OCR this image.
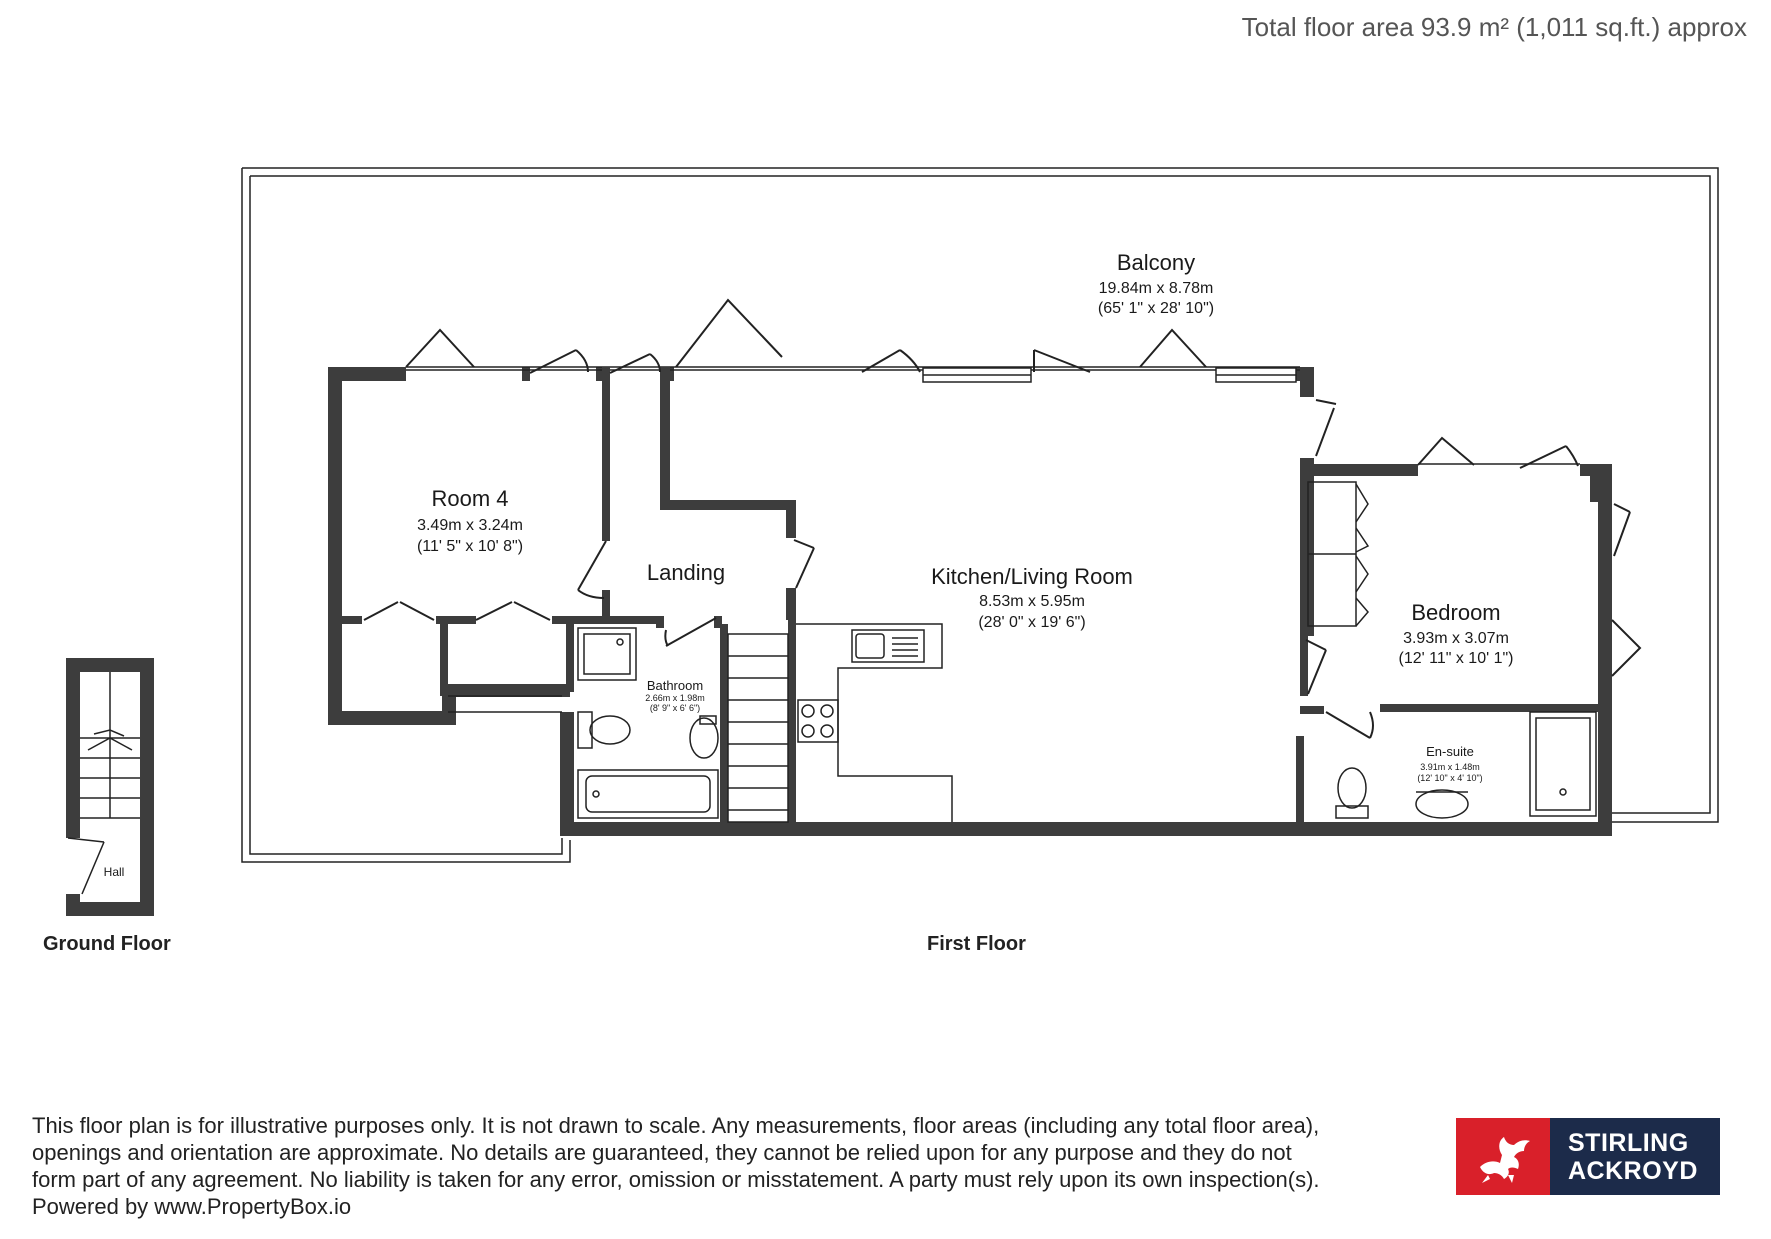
Total floor area 93.9 m² (1,011 sq.ft.) approx
Balcony
19.84m x 8.78m
(65' 1" x 28' 10")
Room 4
3.49m x 3.24m
(11' 5" x 10' 8")
Landing	Kitchen/Living Room
8.53m x 5.95m
(28' 0" x 19' 6")	Bedroom
3.93m x 3.07m
(12' 11" x 10' 1")
Bathroom
2.66m x 1.98m
(8' 9" x 6' 6")
En-suite
3.91m x 1.48m
(12' 10" x 4' 10")
Hall
Ground Floor	First Floor
This floor plan is for illustrative purposes only. It is not drawn to scale. Any measurements, floor areas (including any total floor area),
openings and orientation are approximate. No details are guaranteed, they cannot be relied upon for any purpose and they do not
form part of any agreement. No liability is taken for any error, omission or misstatement. A party must rely upon its own inspection(s).
Powered by www.PropertyBox.io
STIRLING
ACKROYD
